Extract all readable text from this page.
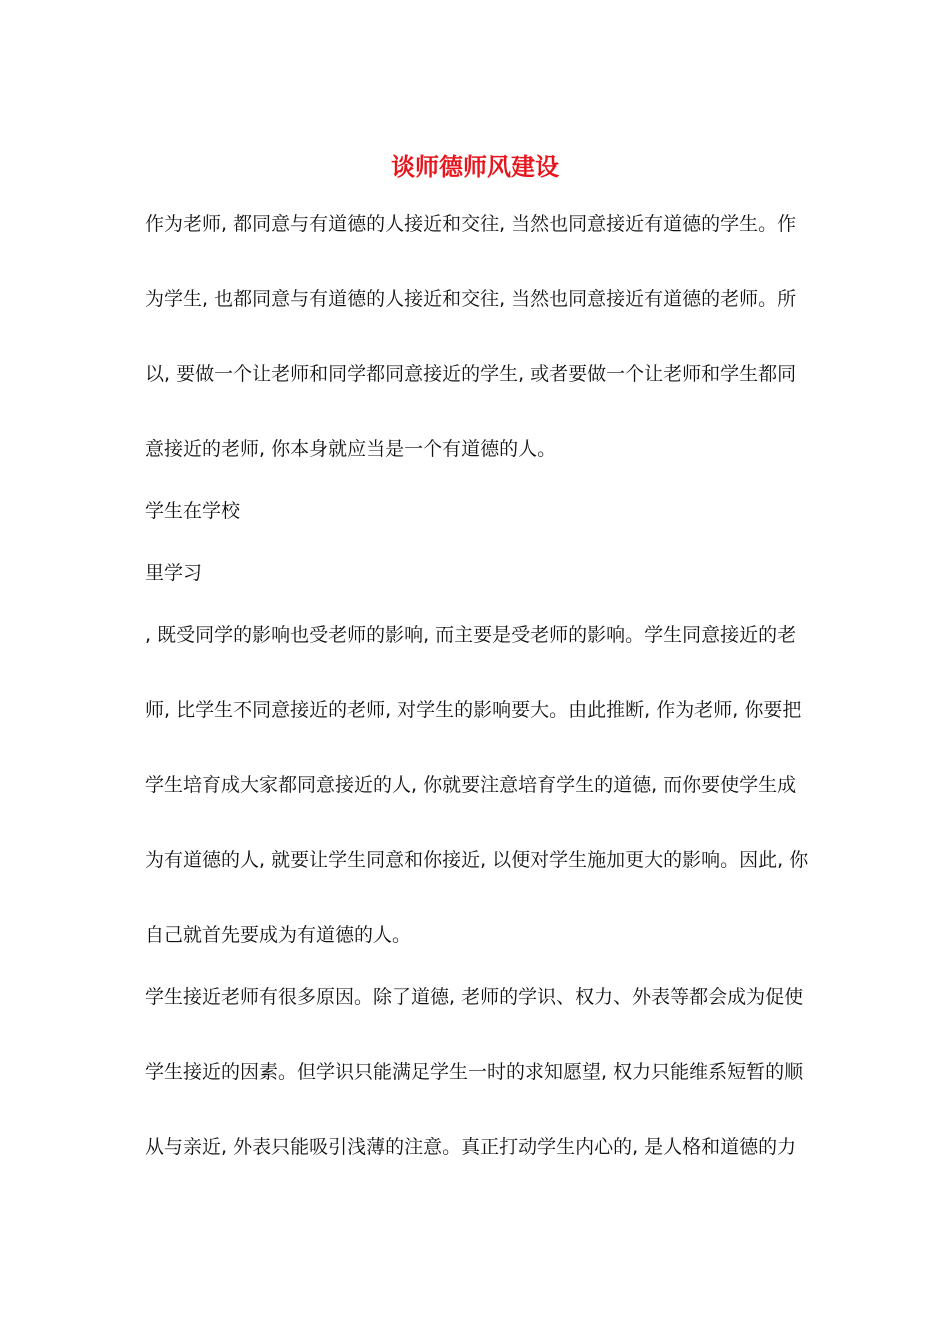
谈师德师风建设

作为老师, 都同意与有道德的人接近和交往, 当然也同意接近有道德的学生。作

为学生, 也都同意与有道德的人接近和交往, 当然也同意接近有道德的老师。所

以, 要做一个让老师和同学都同意接近的学生, 或者要做一个让老师和学生都同

意接近的老师, 你本身就应当是一个有道德的人。

学生在学校

里学习

, 既受同学的影响也受老师的影响, 而主要是受老师的影响。学生同意接近的老

师, 比学生不同意接近的老师, 对学生的影响要大。由此推断, 作为老师, 你要把

学生培育成大家都同意接近的人, 你就要注意培育学生的道德, 而你要使学生成

为有道德的人, 就要让学生同意和你接近, 以便对学生施加更大的影响。因此, 你

自己就首先要成为有道德的人。

学生接近老师有很多原因。除了道德, 老师的学识、权力、外表等都会成为促使

学生接近的因素。但学识只能满足学生一时的求知愿望, 权力只能维系短暂的顺

从与亲近, 外表只能吸引浅薄的注意。真正打动学生内心的, 是人格和道德的力
